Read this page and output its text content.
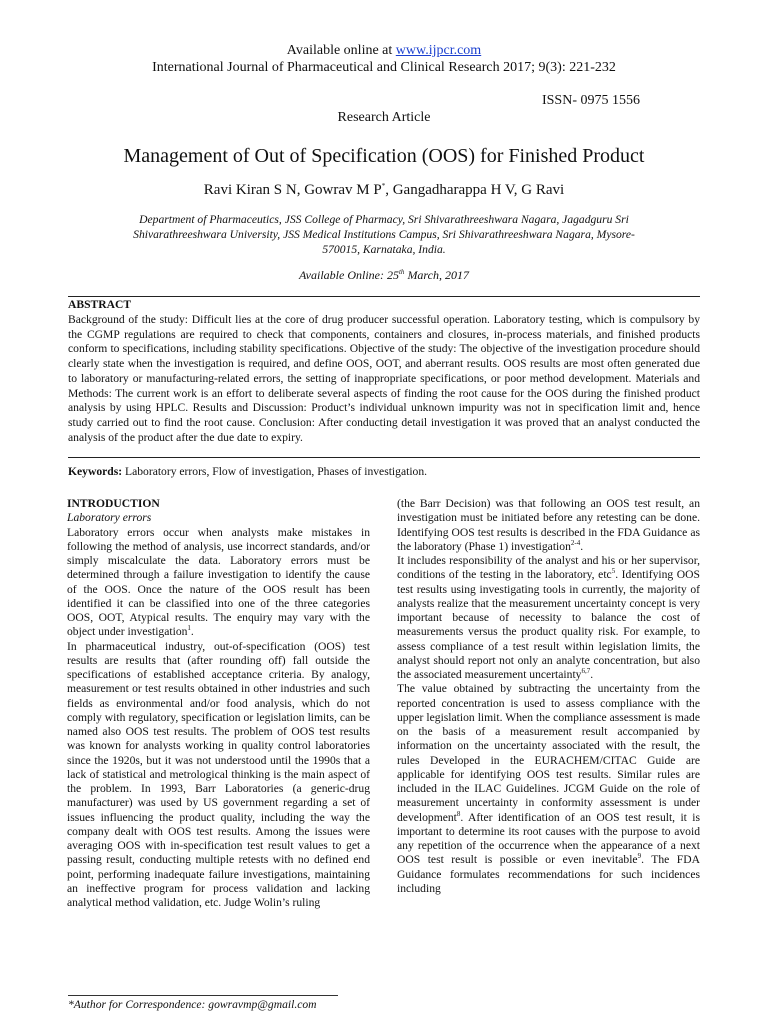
Available online at www.ijpcr.com
International Journal of Pharmaceutical and Clinical Research 2017; 9(3): 221-232
ISSN- 0975 1556
Research Article
Management of Out of Specification (OOS) for Finished Product
Ravi Kiran S N, Gowrav M P*, Gangadharappa H V, G Ravi
Department of Pharmaceutics, JSS College of Pharmacy, Sri Shivarathreeshwara Nagara, Jagadguru Sri Shivarathreeshwara University, JSS Medical Institutions Campus, Sri Shivarathreeshwara Nagara, Mysore-570015, Karnataka, India.
Available Online: 25th March, 2017
ABSTRACT
Background of the study: Difficult lies at the core of drug producer successful operation. Laboratory testing, which is compulsory by the CGMP regulations are required to check that components, containers and closures, in-process materials, and finished products conform to specifications, including stability specifications. Objective of the study: The objective of the investigation procedure should clearly state when the investigation is required, and define OOS, OOT, and aberrant results. OOS results are most often generated due to laboratory or manufacturing-related errors, the setting of inappropriate specifications, or poor method development. Materials and Methods: The current work is an effort to deliberate several aspects of finding the root cause for the OOS during the finished product analysis by using HPLC. Results and Discussion: Product’s individual unknown impurity was not in specification limit and, hence study carried out to find the root cause. Conclusion: After conducting detail investigation it was proved that an analyst conducted the analysis of the product after the due date to expiry.
Keywords: Laboratory errors, Flow of investigation, Phases of investigation.
INTRODUCTION
Laboratory errors

Laboratory errors occur when analysts make mistakes in following the method of analysis, use incorrect standards, and/or simply miscalculate the data. Laboratory errors must be determined through a failure investigation to identify the cause of the OOS. Once the nature of the OOS result has been identified it can be classified into one of the three categories OOS, OOT, Atypical results. The enquiry may vary with the object under investigation$^1$.

In pharmaceutical industry, out-of-specification (OOS) test results are results that (after rounding off) fall outside the specifications of established acceptance criteria. By analogy, measurement or test results obtained in other industries and such fields as environmental and/or food analysis, which do not comply with regulatory, specification or legislation limits, can be named also OOS test results. The problem of OOS test results was known for analysts working in quality control laboratories since the 1920s, but it was not understood until the 1990s that a lack of statistical and metrological thinking is the main aspect of the problem. In 1993, Barr Laboratories (a generic-drug manufacturer) was used by US government regarding a set of issues influencing the product quality, including the way the company dealt with OOS test results. Among the issues were averaging OOS with in-specification test result values to get a passing result, conducting multiple retests with no defined end point, performing inadequate failure investigations, maintaining an ineffective program for process validation and lacking analytical method validation, etc. Judge Wolin’s ruling

(the Barr Decision) was that following an OOS test result, an investigation must be initiated before any retesting can be done. Identifying OOS test results is described in the FDA Guidance as the laboratory (Phase 1) investigation$^{2-4}$.

It includes responsibility of the analyst and his or her supervisor, conditions of the testing in the laboratory, etc$^5$. Identifying OOS test results using investigating tools in currently, the majority of analysts realize that the measurement uncertainty concept is very important because of necessity to balance the cost of measurements versus the product quality risk. For example, to assess compliance of a test result within legislation limits, the analyst should report not only an analyte concentration, but also the associated measurement uncertainty$^{6,7}$.

The value obtained by subtracting the uncertainty from the reported concentration is used to assess compliance with the upper legislation limit. When the compliance assessment is made on the basis of a measurement result accompanied by information on the uncertainty associated with the result, the rules Developed in the EURACHEM/CITAC Guide are applicable for identifying OOS test results. Similar rules are included in the ILAC Guidelines. JCGM Guide on the role of measurement uncertainty in conformity assessment is under development$^8$. After identification of an OOS test result, it is important to determine its root causes with the purpose to avoid any repetition of the occurrence when the appearance of a next OOS test result is possible or even inevitable$^9$. The FDA Guidance formulates recommendations for such incidences including

*Author for Correspondence: gowravmp@gmail.com
